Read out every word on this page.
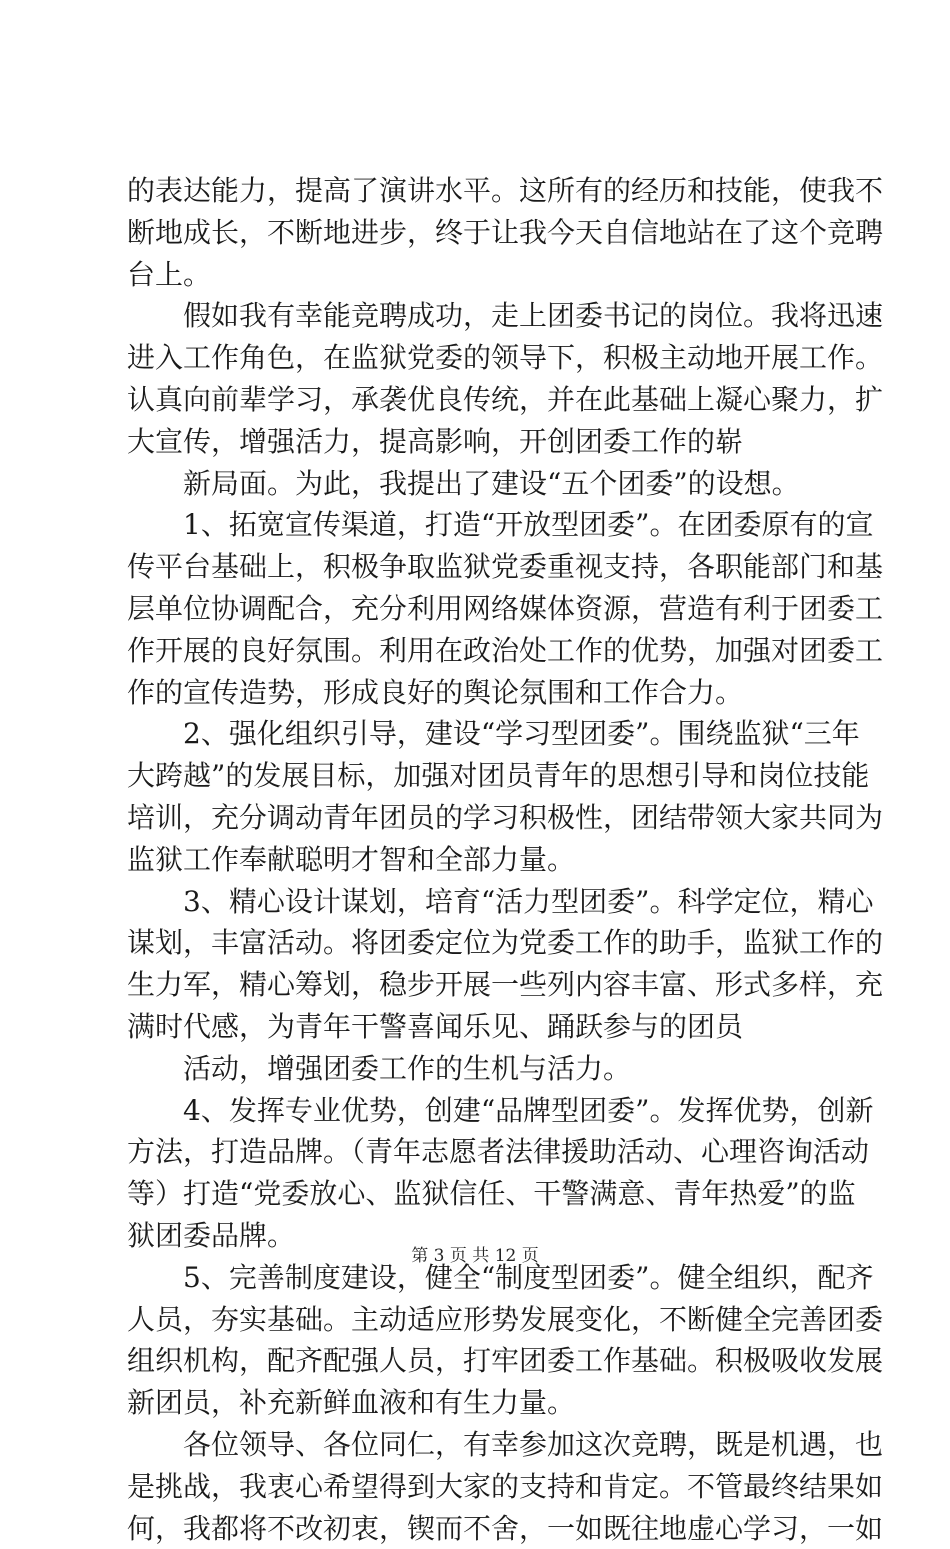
的表达能力，提高了演讲水平。这所有的经历和技能，使我不
断地成长，不断地进步，终于让我今天自信地站在了这个竞聘
台上。
假如我有幸能竞聘成功，走上团委书记的岗位。我将迅速
进入工作角色，在监狱党委的领导下，积极主动地开展工作。
认真向前辈学习，承袭优良传统，并在此基础上凝心聚力，扩
大宣传，增强活力，提高影响，开创团委工作的崭
新局面。为此，我提出了建设“五个团委”的设想。
1、拓宽宣传渠道，打造“开放型团委”。在团委原有的宣
传平台基础上，积极争取监狱党委重视支持，各职能部门和基
层单位协调配合，充分利用网络媒体资源，营造有利于团委工
作开展的良好氛围。利用在政治处工作的优势，加强对团委工
作的宣传造势，形成良好的舆论氛围和工作合力。
2、强化组织引导，建设“学习型团委”。围绕监狱“三年
大跨越”的发展目标，加强对团员青年的思想引导和岗位技能
培训，充分调动青年团员的学习积极性，团结带领大家共同为
监狱工作奉献聪明才智和全部力量。
3、精心设计谋划，培育“活力型团委”。科学定位，精心
谋划，丰富活动。将团委定位为党委工作的助手，监狱工作的
生力军，精心筹划，稳步开展一些列内容丰富、形式多样，充
满时代感，为青年干警喜闻乐见、踊跃参与的团员
活动，增强团委工作的生机与活力。
4、发挥专业优势，创建“品牌型团委”。发挥优势，创新
方法，打造品牌。（青年志愿者法律援助活动、心理咨询活动
等）打造“党委放心、监狱信任、干警满意、青年热爱”的监
狱团委品牌。
5、完善制度建设，健全“制度型团委”。健全组织，配齐
人员，夯实基础。主动适应形势发展变化，不断健全完善团委
组织机构，配齐配强人员，打牢团委工作基础。积极吸收发展
新团员，补充新鲜血液和有生力量。
各位领导、各位同仁，有幸参加这次竞聘，既是机遇，也
是挑战，我衷心希望得到大家的支持和肯定。不管最终结果如
何，我都将不改初衷，锲而不舍，一如既往地虚心学习，一如
第 3 页 共 12 页
